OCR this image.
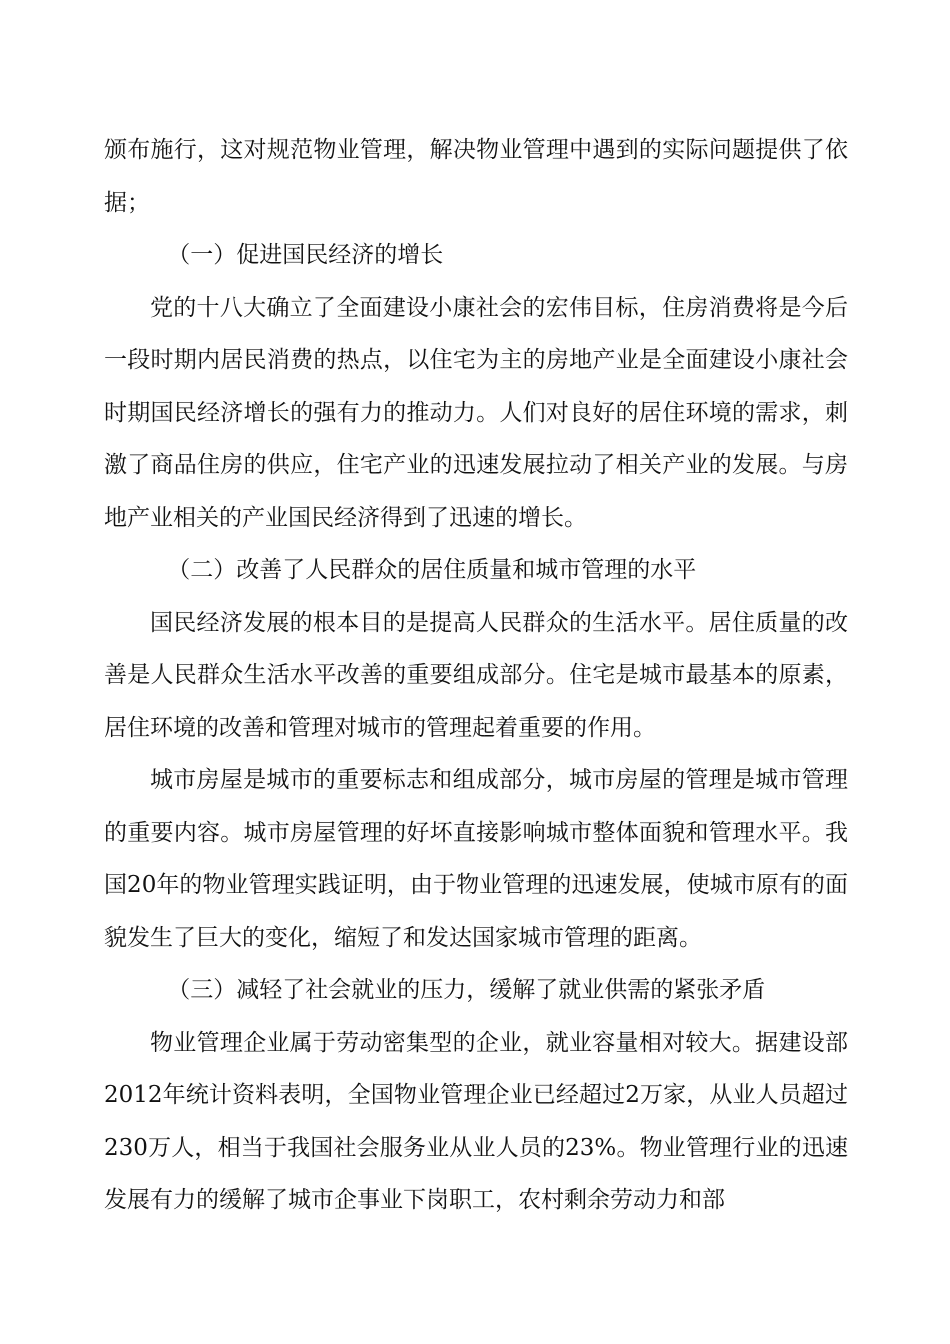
颁布施行，这对规范物业管理，解决物业管理中遇到的实际问题提供了依据；

（一）促进国民经济的增长

党的十八大确立了全面建设小康社会的宏伟目标，住房消费将是今后一段时期内居民消费的热点，以住宅为主的房地产业是全面建设小康社会时期国民经济增长的强有力的推动力。人们对良好的居住环境的需求，刺激了商品住房的供应，住宅产业的迅速发展拉动了相关产业的发展。与房地产业相关的产业国民经济得到了迅速的增长。

（二）改善了人民群众的居住质量和城市管理的水平

国民经济发展的根本目的是提高人民群众的生活水平。居住质量的改善是人民群众生活水平改善的重要组成部分。住宅是城市最基本的原素，居住环境的改善和管理对城市的管理起着重要的作用。

城市房屋是城市的重要标志和组成部分，城市房屋的管理是城市管理的重要内容。城市房屋管理的好坏直接影响城市整体面貌和管理水平。我国20年的物业管理实践证明，由于物业管理的迅速发展，使城市原有的面貌发生了巨大的变化，缩短了和发达国家城市管理的距离。

（三）减轻了社会就业的压力，缓解了就业供需的紧张矛盾

物业管理企业属于劳动密集型的企业，就业容量相对较大。据建设部2012年统计资料表明，全国物业管理企业已经超过2万家，从业人员超过230万人，相当于我国社会服务业从业人员的23%。物业管理行业的迅速发展有力的缓解了城市企事业下岗职工，农村剩余劳动力和部
